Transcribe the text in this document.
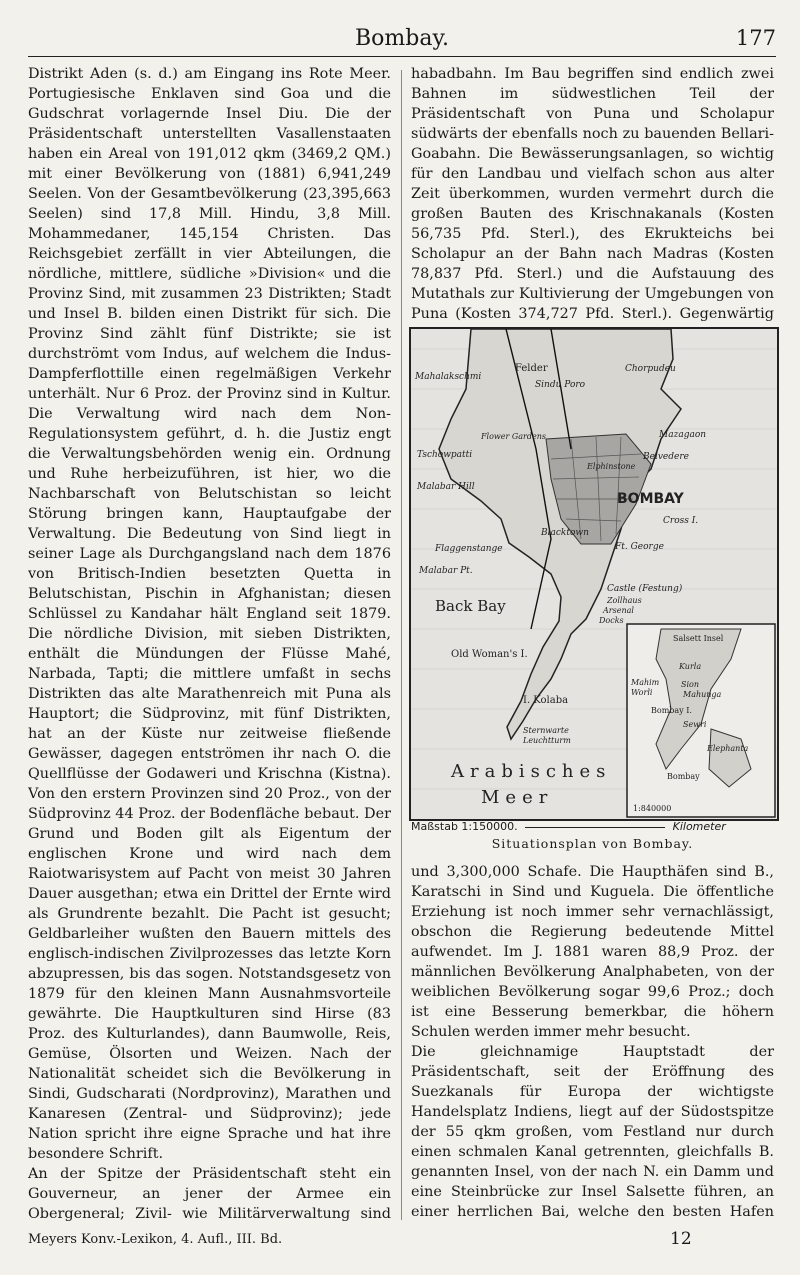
Bombay.	177

Distrikt Aden (s. d.) am Eingang ins Rote Meer. Portugiesische Enklaven sind Goa und die Gudschrat vorlagernde Insel Diu. Die der Präsidentschaft unterstellten Vasallenstaaten haben ein Areal von 191,012 qkm (3469,2 QM.) mit einer Bevölkerung von (1881) 6,941,249 Seelen. Von der Gesamtbevölkerung (23,395,663 Seelen) sind 17,8 Mill. Hindu, 3,8 Mill. Mohammedaner, 145,154 Christen. Das Reichsgebiet zerfällt in vier Abteilungen, die nördliche, mittlere, südliche »Division« und die Provinz Sind, mit zusammen 23 Distrikten; Stadt und Insel B. bilden einen Distrikt für sich. Die Provinz Sind zählt fünf Distrikte; sie ist durchströmt vom Indus, auf welchem die Indus-Dampferflottille einen regelmäßigen Verkehr unterhält. Nur 6 Proz. der Provinz sind in Kultur. Die Verwaltung wird nach dem Non-Regulationsystem geführt, d. h. die Justiz engt die Verwaltungsbehörden wenig ein. Ordnung und Ruhe herbeizuführen, ist hier, wo die Nachbarschaft von Belutschistan so leicht Störung bringen kann, Hauptaufgabe der Verwaltung. Die Bedeutung von Sind liegt in seiner Lage als Durchgangsland nach dem 1876 von Britisch-Indien besetzten Quetta in Belutschistan, Pischin in Afghanistan; diesen Schlüssel zu Kandahar hält England seit 1879. Die nördliche Division, mit sieben Distrikten, enthält die Mündungen der Flüsse Mahé, Narbada, Tapti; die mittlere umfaßt in sechs Distrikten das alte Marathenreich mit Puna als Hauptort; die Südprovinz, mit fünf Distrikten, hat an der Küste nur zeitweise fließende Gewässer, dagegen entströmen ihr nach O. die Quellflüsse der Godaweri und Krischna (Kistna). Von den erstern Provinzen sind 20 Proz., von der Südprovinz 44 Proz. der Bodenfläche bebaut. Der Grund und Boden gilt als Eigentum der englischen Krone und wird nach dem Raiotwarisystem auf Pacht von meist 30 Jahren Dauer ausgethan; etwa ein Drittel der Ernte wird als Grundrente bezahlt. Die Pacht ist gesucht; Geldbarleiher wußten den Bauern mittels des englisch-indischen Zivilprozesses das letzte Korn abzupressen, bis das sogen. Notstandsgesetz von 1879 für den kleinen Mann Ausnahmsvorteile gewährte. Die Hauptkulturen sind Hirse (83 Proz. des Kulturlandes), dann Baumwolle, Reis, Gemüse, Ölsorten und Weizen. Nach der Nationalität scheidet sich die Bevölkerung in Sindi, Gudscharati (Nordprovinz), Marathen und Kanaresen (Zentral- und Südprovinz); jede Nation spricht ihre eigne Sprache und hat ihre besondere Schrift.

An der Spitze der Präsidentschaft steht ein Gouverneur, an jener der Armee ein Obergeneral; Zivil- wie Militärverwaltung sind

habadbahn. Im Bau begriffen sind endlich zwei Bahnen im südwestlichen Teil der Präsidentschaft von Puna und Scholapur südwärts der ebenfalls noch zu bauenden Bellari-Goabahn. Die Bewässerungsanlagen, so wichtig für den Landbau und vielfach schon aus alter Zeit überkommen, wurden vermehrt durch die großen Bauten des Krischnakanals (Kosten 56,735 Pfd. Sterl.), des Ekrukteichs bei Scholapur an der Bahn nach Madras (Kosten 78,837 Pfd. Sterl.) und die Aufstauung des Mutathals zur Kultivierung der Umgebungen von Puna (Kosten 374,727 Pfd. Sterl.). Gegenwärtig

Mahalakschmi
Felder
Sindu Poro
Chorpudeu
Mazagaon
Flower Gardens
Tschowpatti	Belvedere
Malabar Hill
Elphinstone
BOMBAY
Cross I.
Blacktown
Flaggenstange	Ft. George
Malabar Pt.
Castle (Festung)
Zollhaus
Arsenal
Docks
Back Bay
Old Woman's I.
I. Kolaba
Sternwarte
Leuchtturm
Arabisches
Meer
Salsett Insel
Kurla
Mahim
Worli
Sion
Mahunga
Bombay I.
Sewri
Elephanta
Bombay
1:840000
Maßstab 1:150000.	Kilometer
Situationsplan von Bombay.

und 3,300,000 Schafe. Die Haupthäfen sind B., Karatschi in Sind und Kuguela. Die öffentliche Erziehung ist noch immer sehr vernachlässigt, obschon die Regierung bedeutende Mittel aufwendet. Im J. 1881 waren 88,9 Proz. der männlichen Bevölkerung Analphabeten, von der weiblichen Bevölkerung sogar 99,6 Proz.; doch ist eine Besserung bemerkbar, die höhern Schulen werden immer mehr besucht.

Die gleichnamige Hauptstadt der Präsidentschaft, seit der Eröffnung des Suezkanals für Europa der wichtigste Handelsplatz Indiens, liegt auf der Südostspitze der 55 qkm großen, vom Festland nur durch einen schmalen Kanal getrennten, gleichfalls B. genannten Insel, von der nach N. ein Damm und eine Steinbrücke zur Insel Salsette führen, an einer herrlichen Bai, welche den besten Hafen

Meyers Konv.-Lexikon, 4. Aufl., III. Bd.	12
